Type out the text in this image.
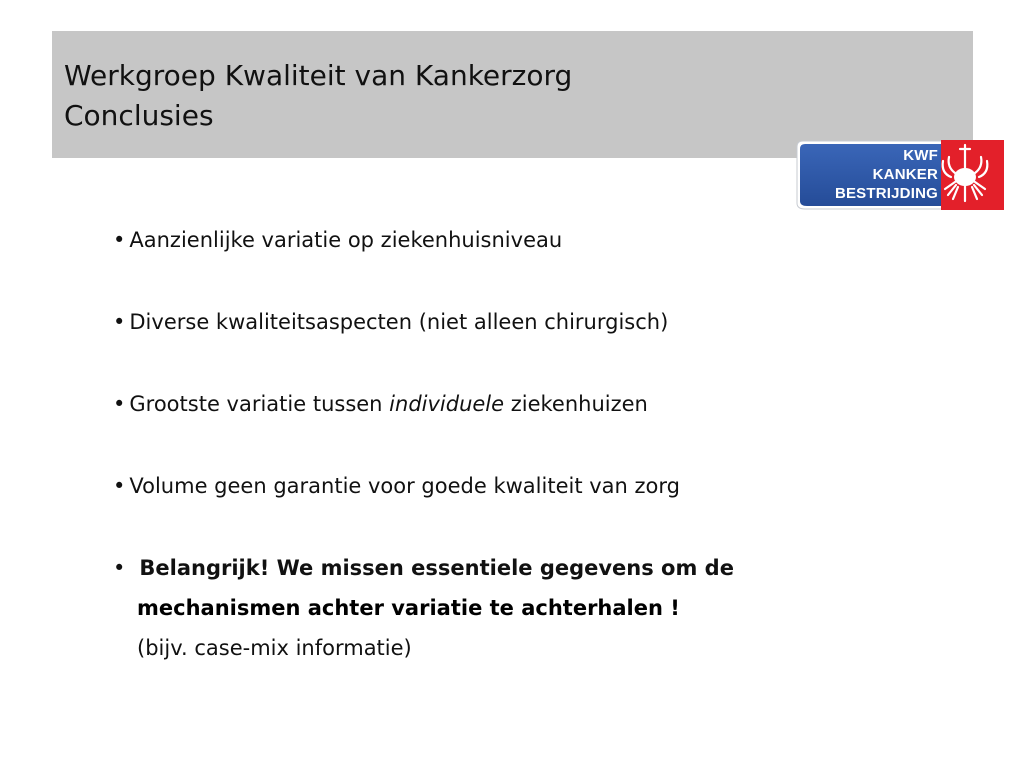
Werkgroep Kwaliteit van Kankerzorg
Conclusies
KWF
KANKER
BESTRIJDING
• Aanzienlijke variatie op ziekenhuisniveau
• Diverse kwaliteitsaspecten (niet alleen chirurgisch)
• Grootste variatie tussen individuele ziekenhuizen
• Volume geen garantie voor goede kwaliteit van zorg
• Belangrijk! We missen essentiele gegevens om de
mechanismen achter variatie te achterhalen !
(bijv. case-mix informatie)
